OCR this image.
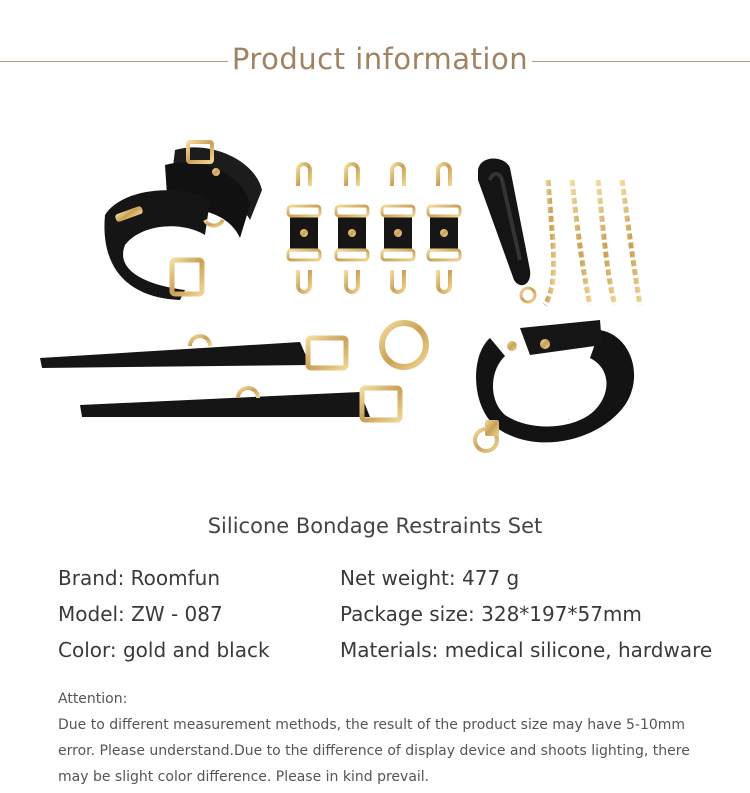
Product information
Silicone Bondage Restraints Set
Brand: Roomfun
Model: ZW - 087
Color: gold and black
Net weight: 477 g
Package size: 328*197*57mm
Materials: medical silicone, hardware
Attention:
Due to different measurement methods, the result of the product size may have 5-10mm
error. Please understand.Due to the difference of display device and shoots lighting, there
may be slight color difference. Please in kind prevail.
